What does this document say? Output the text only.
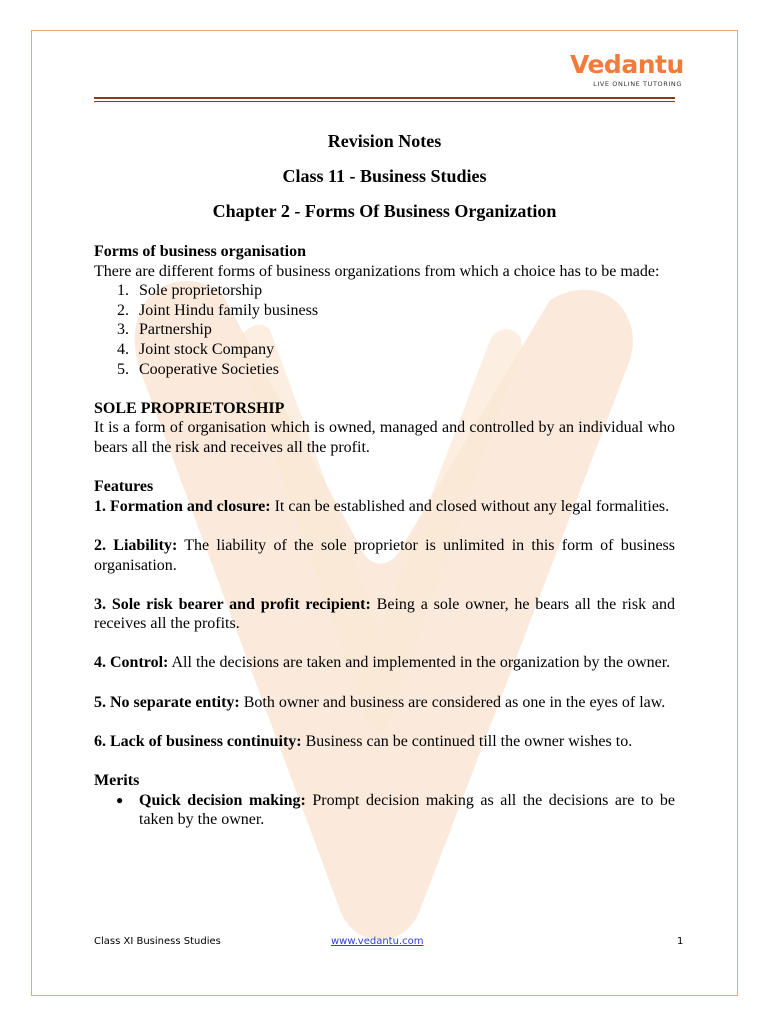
Vedantu
LIVE ONLINE TUTORING
Revision Notes
Class 11 - Business Studies
Chapter 2 - Forms Of Business Organization

Forms of business organisation

There are different forms of business organizations from which a choice has to be made:

1. Sole proprietorship
2. Joint Hindu family business
3. Partnership
4. Joint stock Company
5. Cooperative Societies

SOLE PROPRIETORSHIP

It is a form of organisation which is owned, managed and controlled by an individual who bears all the risk and receives all the profit.

Features

1. Formation and closure: It can be established and closed without any legal formalities.

2. Liability: The liability of the sole proprietor is unlimited in this form of business organisation.

3. Sole risk bearer and profit recipient: Being a sole owner, he bears all the risk and receives all the profits.

4. Control: All the decisions are taken and implemented in the organization by the owner.

5. No separate entity: Both owner and business are considered as one in the eyes of law.

6. Lack of business continuity: Business can be continued till the owner wishes to.

Merits

● Quick decision making: Prompt decision making as all the decisions are to be taken by the owner.
Class XI Business Studies	www.vedantu.com	1
